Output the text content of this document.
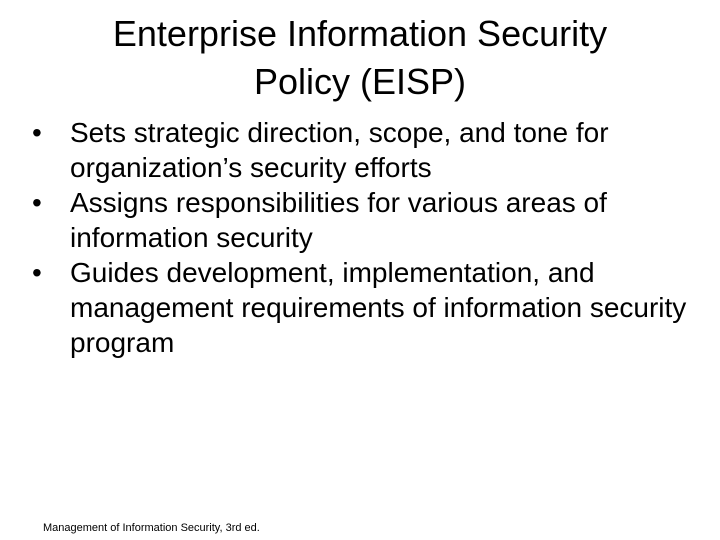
Enterprise Information Security
Policy (EISP)
•	Sets strategic direction, scope, and tone for organization’s security efforts
•	Assigns responsibilities for various areas of information security
•	Guides development, implementation, and management requirements of information security program
Management of Information Security, 3rd ed.
